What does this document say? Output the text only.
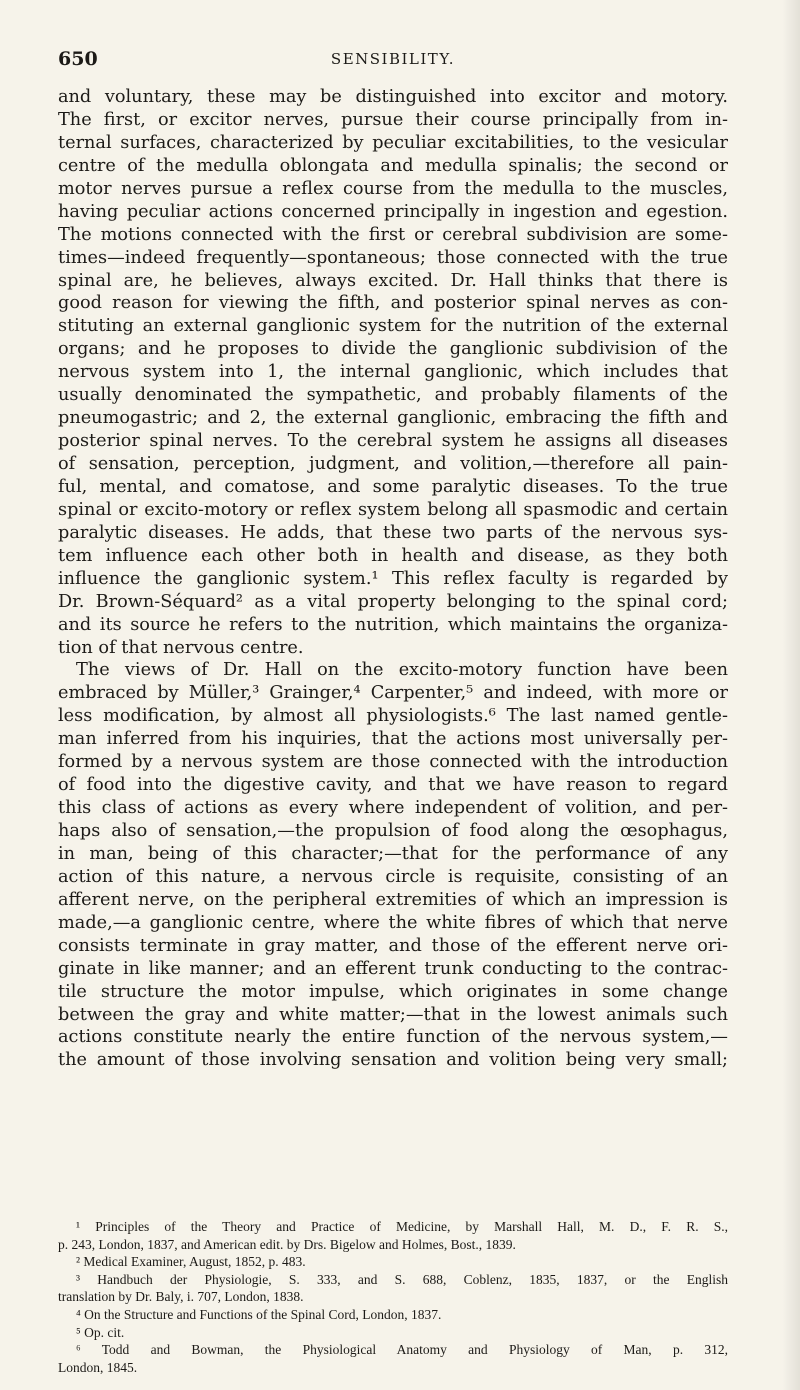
650	SENSIBILITY.
and voluntary, these may be distinguished into excitor and motory.
The first, or excitor nerves, pursue their course principally from in-
ternal surfaces, characterized by peculiar excitabilities, to the vesicular
centre of the medulla oblongata and medulla spinalis; the second or
motor nerves pursue a reflex course from the medulla to the muscles,
having peculiar actions concerned principally in ingestion and egestion.
The motions connected with the first or cerebral subdivision are some-
times—indeed frequently—spontaneous; those connected with the true
spinal are, he believes, always excited. Dr. Hall thinks that there is
good reason for viewing the fifth, and posterior spinal nerves as con-
stituting an external ganglionic system for the nutrition of the external
organs; and he proposes to divide the ganglionic subdivision of the
nervous system into 1, the internal ganglionic, which includes that
usually denominated the sympathetic, and probably filaments of the
pneumogastric; and 2, the external ganglionic, embracing the fifth and
posterior spinal nerves. To the cerebral system he assigns all diseases
of sensation, perception, judgment, and volition,—therefore all pain-
ful, mental, and comatose, and some paralytic diseases. To the true
spinal or excito-motory or reflex system belong all spasmodic and certain
paralytic diseases. He adds, that these two parts of the nervous sys-
tem influence each other both in health and disease, as they both
influence the ganglionic system.¹ This reflex faculty is regarded by
Dr. Brown-Séquard² as a vital property belonging to the spinal cord;
and its source he refers to the nutrition, which maintains the organiza-
tion of that nervous centre.
The views of Dr. Hall on the excito-motory function have been
embraced by Müller,³ Grainger,⁴ Carpenter,⁵ and indeed, with more or
less modification, by almost all physiologists.⁶ The last named gentle-
man inferred from his inquiries, that the actions most universally per-
formed by a nervous system are those connected with the introduction
of food into the digestive cavity, and that we have reason to regard
this class of actions as every where independent of volition, and per-
haps also of sensation,—the propulsion of food along the œsophagus,
in man, being of this character;—that for the performance of any
action of this nature, a nervous circle is requisite, consisting of an
afferent nerve, on the peripheral extremities of which an impression is
made,—a ganglionic centre, where the white fibres of which that nerve
consists terminate in gray matter, and those of the efferent nerve ori-
ginate in like manner; and an efferent trunk conducting to the contrac-
tile structure the motor impulse, which originates in some change
between the gray and white matter;—that in the lowest animals such
actions constitute nearly the entire function of the nervous system,—
the amount of those involving sensation and volition being very small;
¹ Principles of the Theory and Practice of Medicine, by Marshall Hall, M. D., F. R. S.,
p. 243, London, 1837, and American edit. by Drs. Bigelow and Holmes, Bost., 1839.
² Medical Examiner, August, 1852, p. 483.
³ Handbuch der Physiologie, S. 333, and S. 688, Coblenz, 1835, 1837, or the English
translation by Dr. Baly, i. 707, London, 1838.
⁴ On the Structure and Functions of the Spinal Cord, London, 1837.
⁵ Op. cit.
⁶ Todd and Bowman, the Physiological Anatomy and Physiology of Man, p. 312,
London, 1845.
